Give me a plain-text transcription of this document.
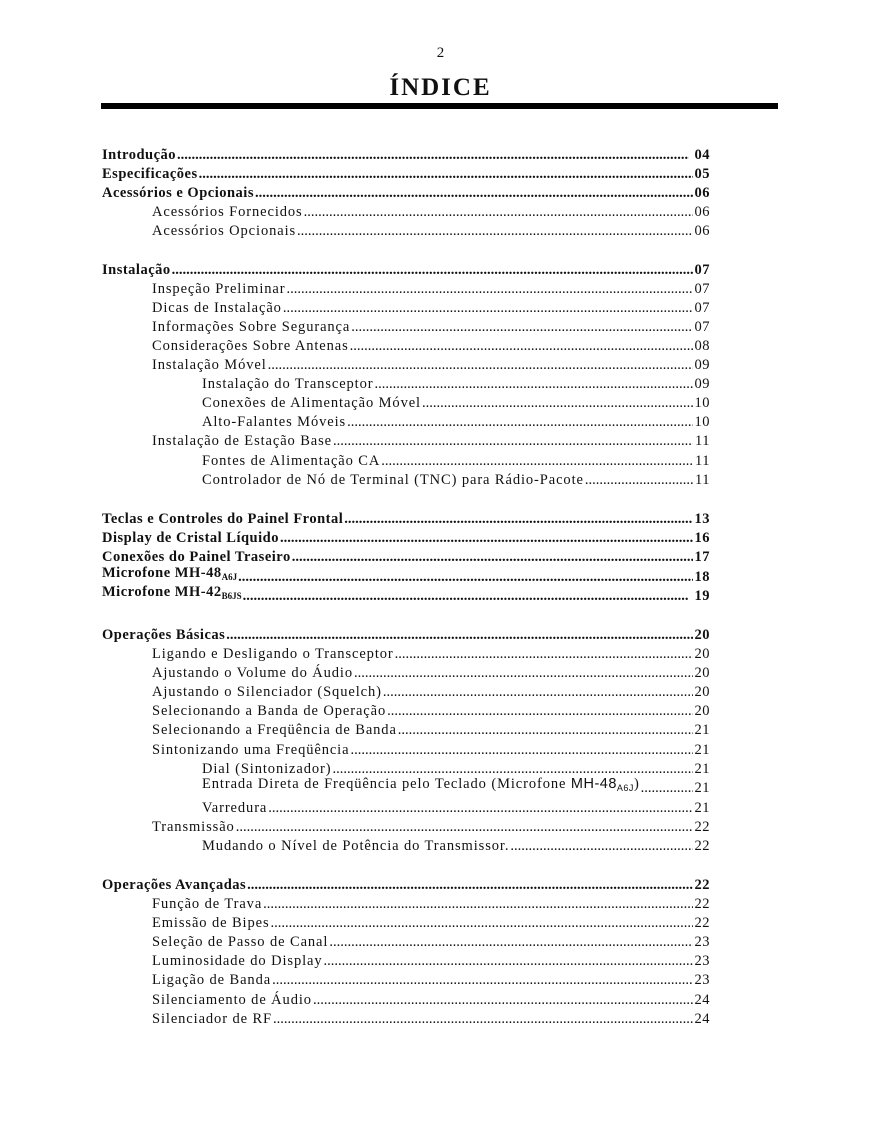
2
ÍNDICE
Introdução .....	04
Especificações .....	05
Acessórios e Opcionais .....	06
Acessórios Fornecidos .....	06
Acessórios Opcionais .....	06
Instalação .....	07
Inspeção Preliminar .....	07
Dicas de Instalação .....	07
Informações Sobre Segurança .....	07
Considerações Sobre Antenas .....	08
Instalação Móvel .....	09
Instalação do Transceptor .....	09
Conexões de Alimentação Móvel .....	10
Alto-Falantes Móveis .....	10
Instalação de Estação Base .....	11
Fontes de Alimentação CA .....	11
Controlador de Nó de Terminal (TNC) para Rádio-Pacote .....	11
Teclas e Controles do Painel Frontal .....	13
Display de Cristal Líquido .....	16
Conexões do Painel Traseiro .....	17
Microfone $MH-48_{A6J}$ .....	18
Microfone $MH-42_{B6JS}$ .....	19
Operações Básicas .....	20
Ligando e Desligando o Transceptor .....	20
Ajustando o Volume do Áudio .....	20
Ajustando o Silenciador (Squelch) .....	20
Selecionando a Banda de Operação .....	20
Selecionando a Freqüência de Banda .....	21
Sintonizando uma Freqüência .....	21
Dial (Sintonizador) .....	21
Entrada Direta de Freqüência pelo Teclado (Microfone $MH-48_{A6J}$) .....	21
Varredura .....	21
Transmissão .....	22
Mudando o Nível de Potência do Transmissor. .....	22
Operações Avançadas .....	22
Função de Trava .....	22
Emissão de Bipes .....	22
Seleção de Passo de Canal .....	23
Luminosidade do Display .....	23
Ligação de Banda .....	23
Silenciamento de Áudio .....	24
Silenciador de RF .....	24
